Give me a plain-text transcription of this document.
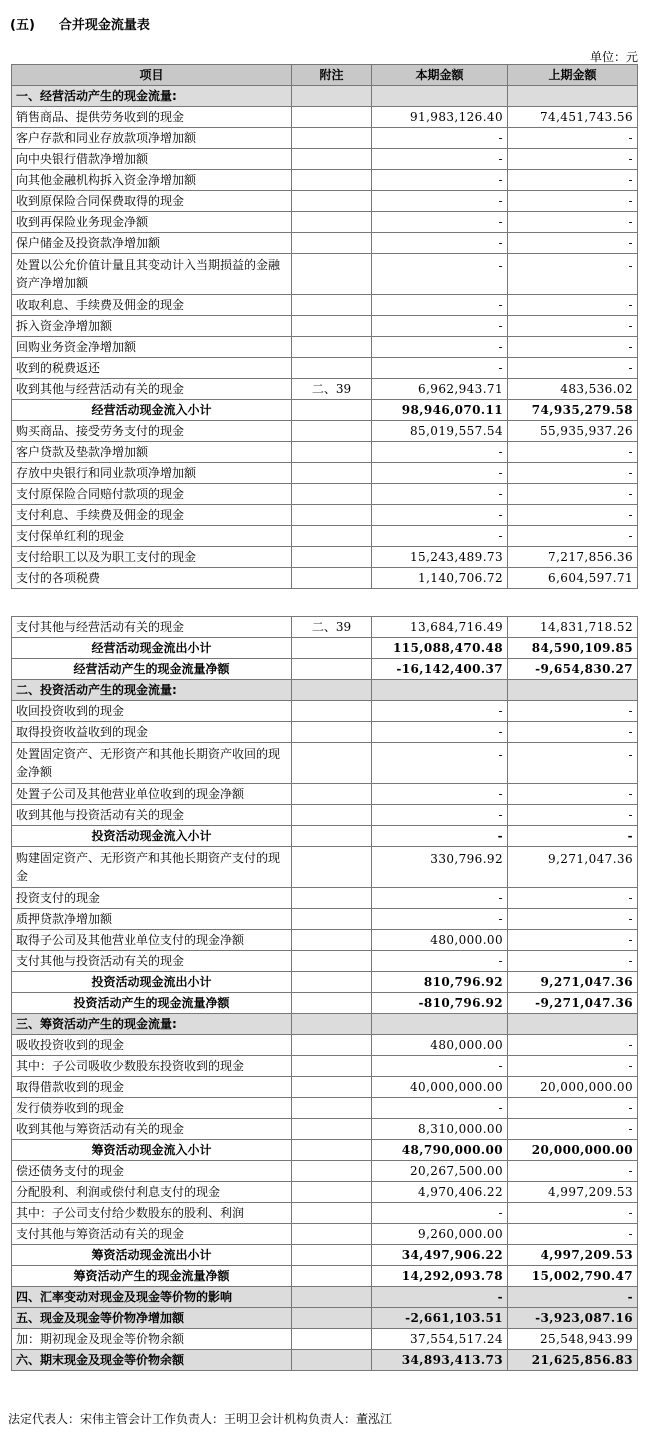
(五) 合并现金流量表
单位：元
项目	附注	本期金额	上期金额
一、经营活动产生的现金流量:			
销售商品、提供劳务收到的现金		91,983,126.40	74,451,743.56
客户存款和同业存放款项净增加额		-	-
向中央银行借款净增加额		-	-
向其他金融机构拆入资金净增加额		-	-
收到原保险合同保费取得的现金		-	-
收到再保险业务现金净额		-	-
保户储金及投资款净增加额		-	-
处置以公允价值计量且其变动计入当期损益的金融资产净增加额		-	-
收取利息、手续费及佣金的现金		-	-
拆入资金净增加额		-	-
回购业务资金净增加额		-	-
收到的税费返还		-	-
收到其他与经营活动有关的现金	二、39	6,962,943.71	483,536.02
经营活动现金流入小计		98,946,070.11	74,935,279.58
购买商品、接受劳务支付的现金		85,019,557.54	55,935,937.26
客户贷款及垫款净增加额		-	-
存放中央银行和同业款项净增加额		-	-
支付原保险合同赔付款项的现金		-	-
支付利息、手续费及佣金的现金		-	-
支付保单红利的现金		-	-
支付给职工以及为职工支付的现金		15,243,489.73	7,217,856.36
支付的各项税费		1,140,706.72	6,604,597.71
支付其他与经营活动有关的现金	二、39	13,684,716.49	14,831,718.52
经营活动现金流出小计		115,088,470.48	84,590,109.85
经营活动产生的现金流量净额		-16,142,400.37	-9,654,830.27
二、投资活动产生的现金流量:			
收回投资收到的现金		-	-
取得投资收益收到的现金		-	-
处置固定资产、无形资产和其他长期资产收回的现金净额		-	-
处置子公司及其他营业单位收到的现金净额		-	-
收到其他与投资活动有关的现金		-	-
投资活动现金流入小计		-	-
购建固定资产、无形资产和其他长期资产支付的现金		330,796.92	9,271,047.36
投资支付的现金		-	-
质押贷款净增加额		-	-
取得子公司及其他营业单位支付的现金净额		480,000.00	-
支付其他与投资活动有关的现金		-	-
投资活动现金流出小计		810,796.92	9,271,047.36
投资活动产生的现金流量净额		-810,796.92	-9,271,047.36
三、筹资活动产生的现金流量:			
吸收投资收到的现金		480,000.00	-
其中：子公司吸收少数股东投资收到的现金		-	-
取得借款收到的现金		40,000,000.00	20,000,000.00
发行债券收到的现金		-	-
收到其他与筹资活动有关的现金		8,310,000.00	-
筹资活动现金流入小计		48,790,000.00	20,000,000.00
偿还债务支付的现金		20,267,500.00	-
分配股利、利润或偿付利息支付的现金		4,970,406.22	4,997,209.53
其中：子公司支付给少数股东的股利、利润		-	-
支付其他与筹资活动有关的现金		9,260,000.00	-
筹资活动现金流出小计		34,497,906.22	4,997,209.53
筹资活动产生的现金流量净额		14,292,093.78	15,002,790.47
四、汇率变动对现金及现金等价物的影响		-	-
五、现金及现金等价物净增加额		-2,661,103.51	-3,923,087.16
加：期初现金及现金等价物余额		37,554,517.24	25,548,943.99
六、期末现金及现金等价物余额		34,893,413.73	21,625,856.83
法定代表人：宋伟主管会计工作负责人：王明卫会计机构负责人：董泓江
